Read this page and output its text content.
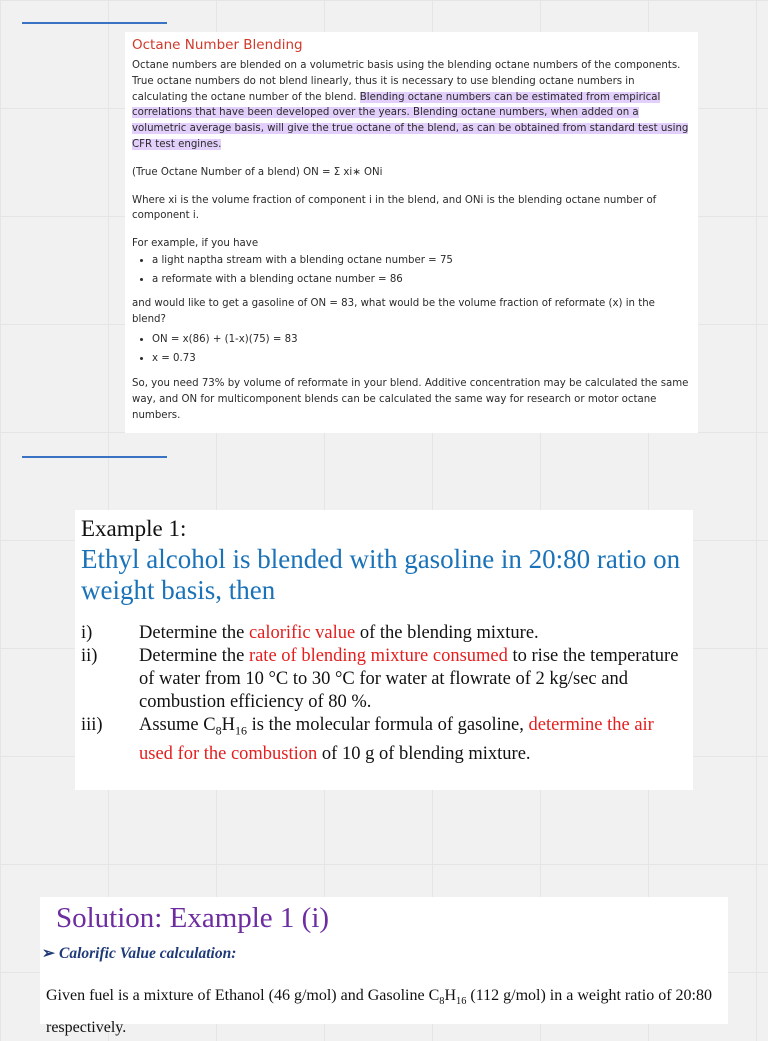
Octane Number Blending

Octane numbers are blended on a volumetric basis using the blending octane numbers of the components. True octane numbers do not blend linearly, thus it is necessary to use blending octane numbers in calculating the octane number of the blend. Blending octane numbers can be estimated from empirical correlations that have been developed over the years. Blending octane numbers, when added on a volumetric average basis, will give the true octane of the blend, as can be obtained from standard test using CFR test engines.

(True Octane Number of a blend) ON = Σ xi∗ ONi

Where xi is the volume fraction of component i in the blend, and ONi is the blending octane number of component i.

For example, if you have

• a light naptha stream with a blending octane number = 75
• a reformate with a blending octane number = 86

and would like to get a gasoline of ON = 83, what would be the volume fraction of reformate (x) in the blend?

• ON = x(86) + (1-x)(75) = 83
• x = 0.73

So, you need 73% by volume of reformate in your blend. Additive concentration may be calculated the same way, and ON for multicomponent blends can be calculated the same way for research or motor octane numbers.

Example 1:
Ethyl alcohol is blended with gasoline in 20:80 ratio on weight basis, then
i)	Determine the calorific value of the blending mixture.
ii)	Determine the rate of blending mixture consumed to rise the temperature of water from 10 °C to 30 °C for water at flowrate of 2 kg/sec and combustion efficiency of 80 %.
iii)	Assume $C_8H_{16}$ is the molecular formula of gasoline, determine the air used for the combustion of 10 g of blending mixture.
Solution: Example 1 (i)
➢ Calorific Value calculation:
Given fuel is a mixture of Ethanol (46 g/mol) and Gasoline $C_8H_{16}$ (112 g/mol) in a weight ratio of 20:80 respectively.
